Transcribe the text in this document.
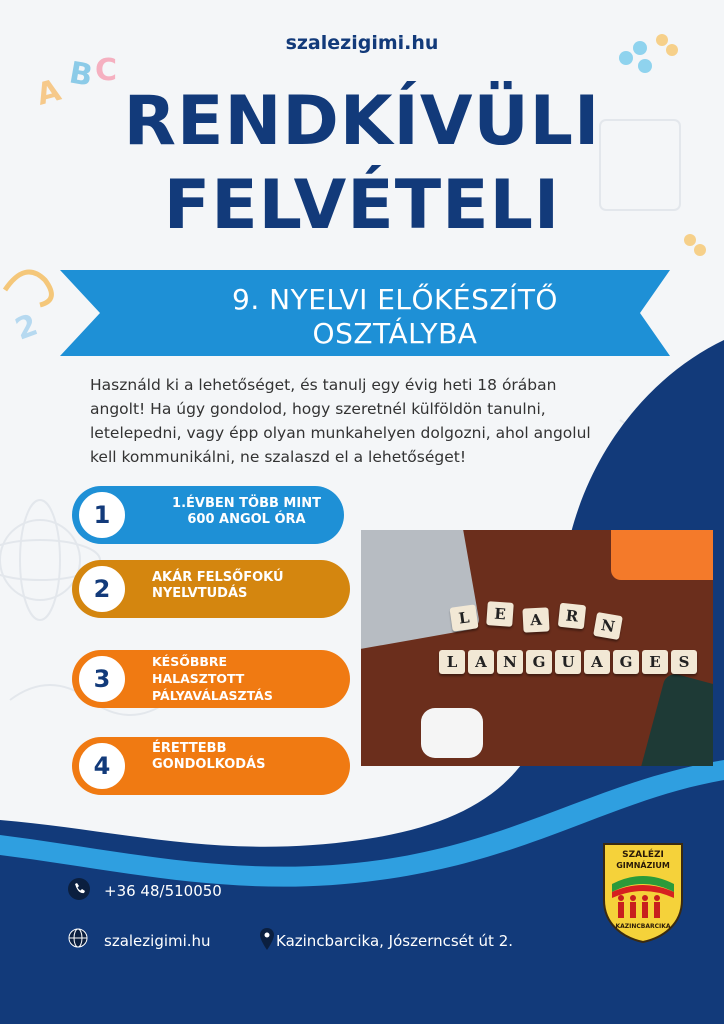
A B C
2
szalezigimi.hu
RENDKÍVÜLI
FELVÉTELI
9. NYELVI ELŐKÉSZÍTŐ
OSZTÁLYBA
Használd ki a lehetőséget, és tanulj egy évig heti 18 órában angolt! Ha úgy gondolod, hogy szeretnél külföldön tanulni, letelepedni, vagy épp olyan munkahelyen dolgozni, ahol angolul kell kommunikálni, ne szalaszd el a lehetőséget!
1	1.ÉVBEN TÖBB MINT 600 ANGOL ÓRA
2	AKÁR FELSŐFOKÚ NYELVTUDÁS
3
KÉSŐBBRE HALASZTOTT PÁLYAVÁLASZTÁS
4
ÉRETTEBB GONDOLKODÁS
L	E	A	R	N
L	A	N	G	U	A	G	E	S
+36 48/510050
szalezigimi.hu	Kazincbarcika, Jószerncsét út 2.
SZALÉZI
GIMNÁZIUM
KAZINCBARCIKA
